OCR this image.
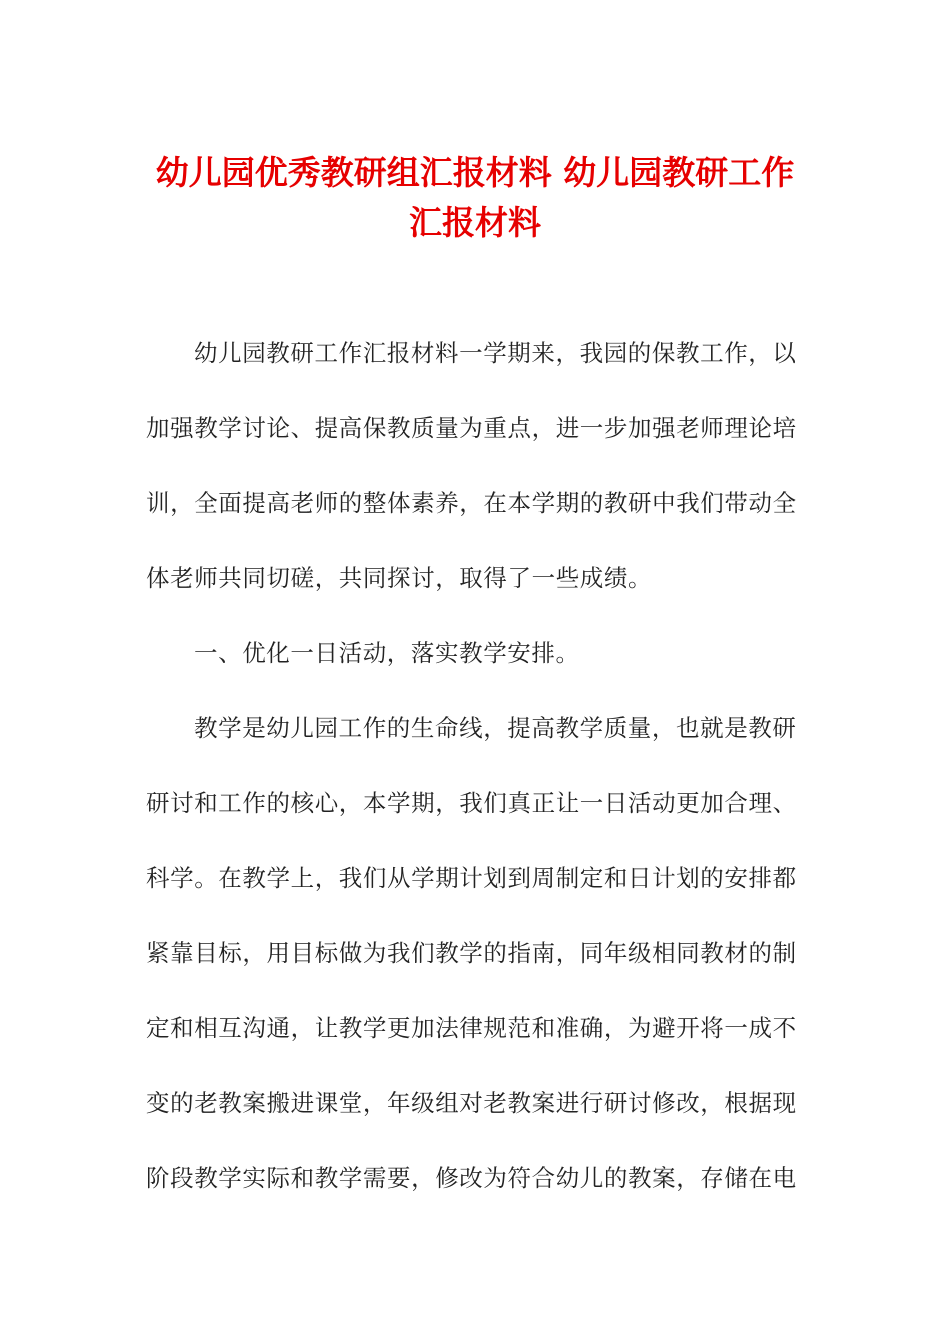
幼儿园优秀教研组汇报材料 幼儿园教研工作
汇报材料
幼儿园教研工作汇报材料一学期来，我园的保教工作，以
加强教学讨论、提高保教质量为重点，进一步加强老师理论培
训，全面提高老师的整体素养，在本学期的教研中我们带动全
体老师共同切磋，共同探讨，取得了一些成绩。
一、优化一日活动，落实教学安排。
教学是幼儿园工作的生命线，提高教学质量，也就是教研
研讨和工作的核心，本学期，我们真正让一日活动更加合理、
科学。在教学上，我们从学期计划到周制定和日计划的安排都
紧靠目标，用目标做为我们教学的指南，同年级相同教材的制
定和相互沟通，让教学更加法律规范和准确，为避开将一成不
变的老教案搬进课堂，年级组对老教案进行研讨修改，根据现
阶段教学实际和教学需要，修改为符合幼儿的教案，存储在电
